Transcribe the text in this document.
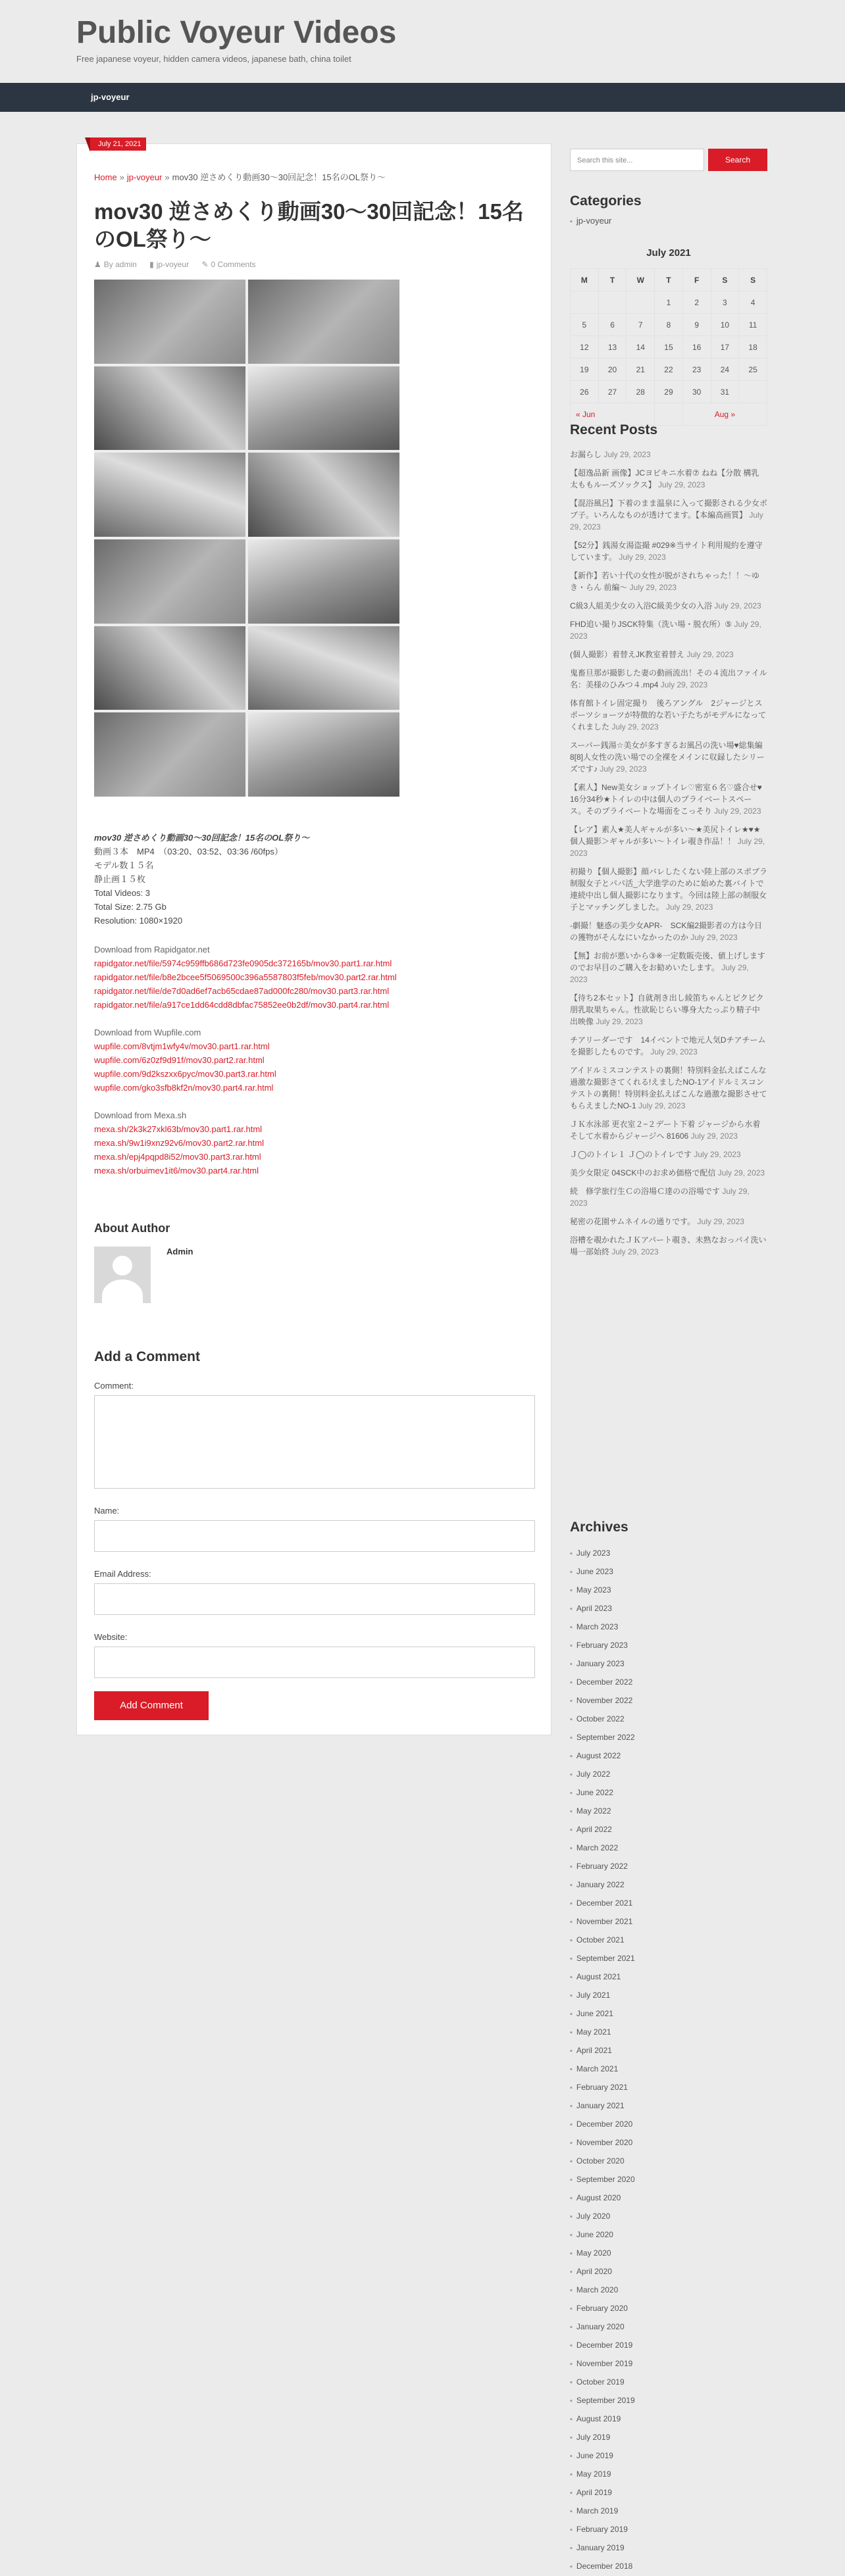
Public Voyeur Videos
Free japanese voyeur, hidden camera videos, japanese bath, china toilet
jp-voyeur
July 21, 2021
Home » jp-voyeur » mov30 逆さめくり動画30〜30回記念！15名のOL祭り〜
mov30 逆さめくり動画30〜30回記念！15名のOL祭り〜
♟ By admin ▮ jp-voyeur ✎ 0 Comments
mov30 逆さめくり動画30〜30回記念！15名のOL祭り〜
動画３本　MP4　（03:20、03:52、03:36 /60fps）
モデル数１５名
静止画１５枚
Total Videos: 3
Total Size: 2.75 Gb
Resolution: 1080×1920
Download from Rapidgator.net
rapidgator.net/file/5974c959ffb686d723fe0905dc372165b/mov30.part1.rar.html
rapidgator.net/file/b8e2bcee5f5069500c396a5587803f5feb/mov30.part2.rar.html
rapidgator.net/file/de7d0ad6ef7acb65cdae87ad000fc280/mov30.part3.rar.html
rapidgator.net/file/a917ce1dd64cdd8dbfac75852ee0b2df/mov30.part4.rar.html
Download from Wupfile.com
wupfile.com/8vtjm1wfy4v/mov30.part1.rar.html
wupfile.com/6z0zf9d91f/mov30.part2.rar.html
wupfile.com/9d2kszxx6pyc/mov30.part3.rar.html
wupfile.com/gko3sfb8kf2n/mov30.part4.rar.html
Download from Mexa.sh
mexa.sh/2k3k27xkl63b/mov30.part1.rar.html
mexa.sh/9w1i9xnz92v6/mov30.part2.rar.html
mexa.sh/epj4pqpd8i52/mov30.part3.rar.html
mexa.sh/orbuimev1it6/mov30.part4.rar.html
About Author
Admin
Add a Comment
Comment:
Name:
Email Address:
Website:
Add Comment
Search this site...	Search
Categories
▪ jp-voyeur
July 2021
M	T	W	T	F	S	S
			1	2	3	4
5	6	7	8	9	10	11
12	13	14	15	16	17	18
19	20	21	22	23	24	25
26	27	28	29	30	31	
« Jun				Aug »		
Recent Posts
お漏らし July 29, 2023
【超逸品新 画像】JCヨビキニ水着⑦ ねね【分散 構乳 太ももルーズソックス】 July 29, 2023
【混浴風呂】下着のまま温泉に入って撮影される少女ボブ子。いろんなものが透けてます。【本編高画質】 July 29, 2023
【52分】銭湯女湯盗撮 #029※当サイト利用規約を遵守しています。 July 29, 2023
【新作】若い十代の女性が脱がされちゃった！！〜ゆき・らん 前編〜 July 29, 2023
C級3人組美少女の入浴C級美少女の入浴 July 29, 2023
FHD追い撮りJSCK特集（洗い場・脱衣所）⑤ July 29, 2023
(個人撮影）着替えJK教室着替え July 29, 2023
鬼畜旦那が撮影した妻の動画流出！その４流出ファイル名：美様のひみつ４.mp4 July 29, 2023
体育館トイレ固定撮り　後ろアングル　2ジャージとスポーツショーツが特徴的な若い子たちがモデルになってくれました July 29, 2023
スーパー銭湯☆美女が多すぎるお風呂の洗い場♥総集編8[8]人女性の洗い場での全裸をメインに収録したシリーズです♪ July 29, 2023
【素人】New美女ショップトイレ♡密室６名♡盛合せ♥ 16分34秒★トイレの中は個人のプライベートスペース。そのプライベートな場面をこっそり July 29, 2023
【レア】素人★美人ギャルが多い〜★美尻トイレ★♥★個人撮影＞ギャルが多い〜トイレ覗き作品！！ July 29, 2023
初撮り【個人撮影】顔バレしたくない陸上部のスポブラ制服女子とパパ活_大学進学のために始めた裏バイトで連続中出し個人撮影になります。今回は陸上部の制服女子とマッチングしました。 July 29, 2023
-劇撮！魅惑の美少女APR-　SCK編2撮影者の方は今日の獲物がそんなにいなかったのか July 29, 2023
【無】お前が悪いから③※一定数販売後、値上げしますのでお早目のご購入をお勧めいたします。 July 29, 2023
【待ち2本セット】自就剤き出し綾笛ちゃんとピクピク朋乳取果ちゃん。性欲恥じらい導身大たっぷり精子中出映像 July 29, 2023
チアリーダーです　14イベントで地元人気Dチアチームを撮影したものです。 July 29, 2023
アイドルミスコンテストの裏側！特別料金払えばこんな過激な撮影さてくれる!えましたNO-1アイドルミスコンテストの裏側！特別料金払えばこんな過激な撮影させてもらえましたNO-1 July 29, 2023
ＪＫ水泳部 更衣室２−２デート下着 ジャージから水着 そして水着からジャージへ 81606 July 29, 2023
Ｊ◯のトイレ１ Ｊ◯のトイレです July 29, 2023
美少女限定 04SCK中のお求め価格で配信 July 29, 2023
続　修学旅行生Ｃの浴場Ｃ達のの浴場です July 29, 2023
秘密の花園サムネイルの通りです。 July 29, 2023
浴槽を覗かれたＪＫアパート覗き、未熟なおっパイ洗い場一部始終 July 29, 2023
Archives
▪ July 2023
▪ June 2023
▪ May 2023
▪ April 2023
▪ March 2023
▪ February 2023
▪ January 2023
▪ December 2022
▪ November 2022
▪ October 2022
▪ September 2022
▪ August 2022
▪ July 2022
▪ June 2022
▪ May 2022
▪ April 2022
▪ March 2022
▪ February 2022
▪ January 2022
▪ December 2021
▪ November 2021
▪ October 2021
▪ September 2021
▪ August 2021
▪ July 2021
▪ June 2021
▪ May 2021
▪ April 2021
▪ March 2021
▪ February 2021
▪ January 2021
▪ December 2020
▪ November 2020
▪ October 2020
▪ September 2020
▪ August 2020
▪ July 2020
▪ June 2020
▪ May 2020
▪ April 2020
▪ March 2020
▪ February 2020
▪ January 2020
▪ December 2019
▪ November 2019
▪ October 2019
▪ September 2019
▪ August 2019
▪ July 2019
▪ June 2019
▪ May 2019
▪ April 2019
▪ March 2019
▪ February 2019
▪ January 2019
▪ December 2018
